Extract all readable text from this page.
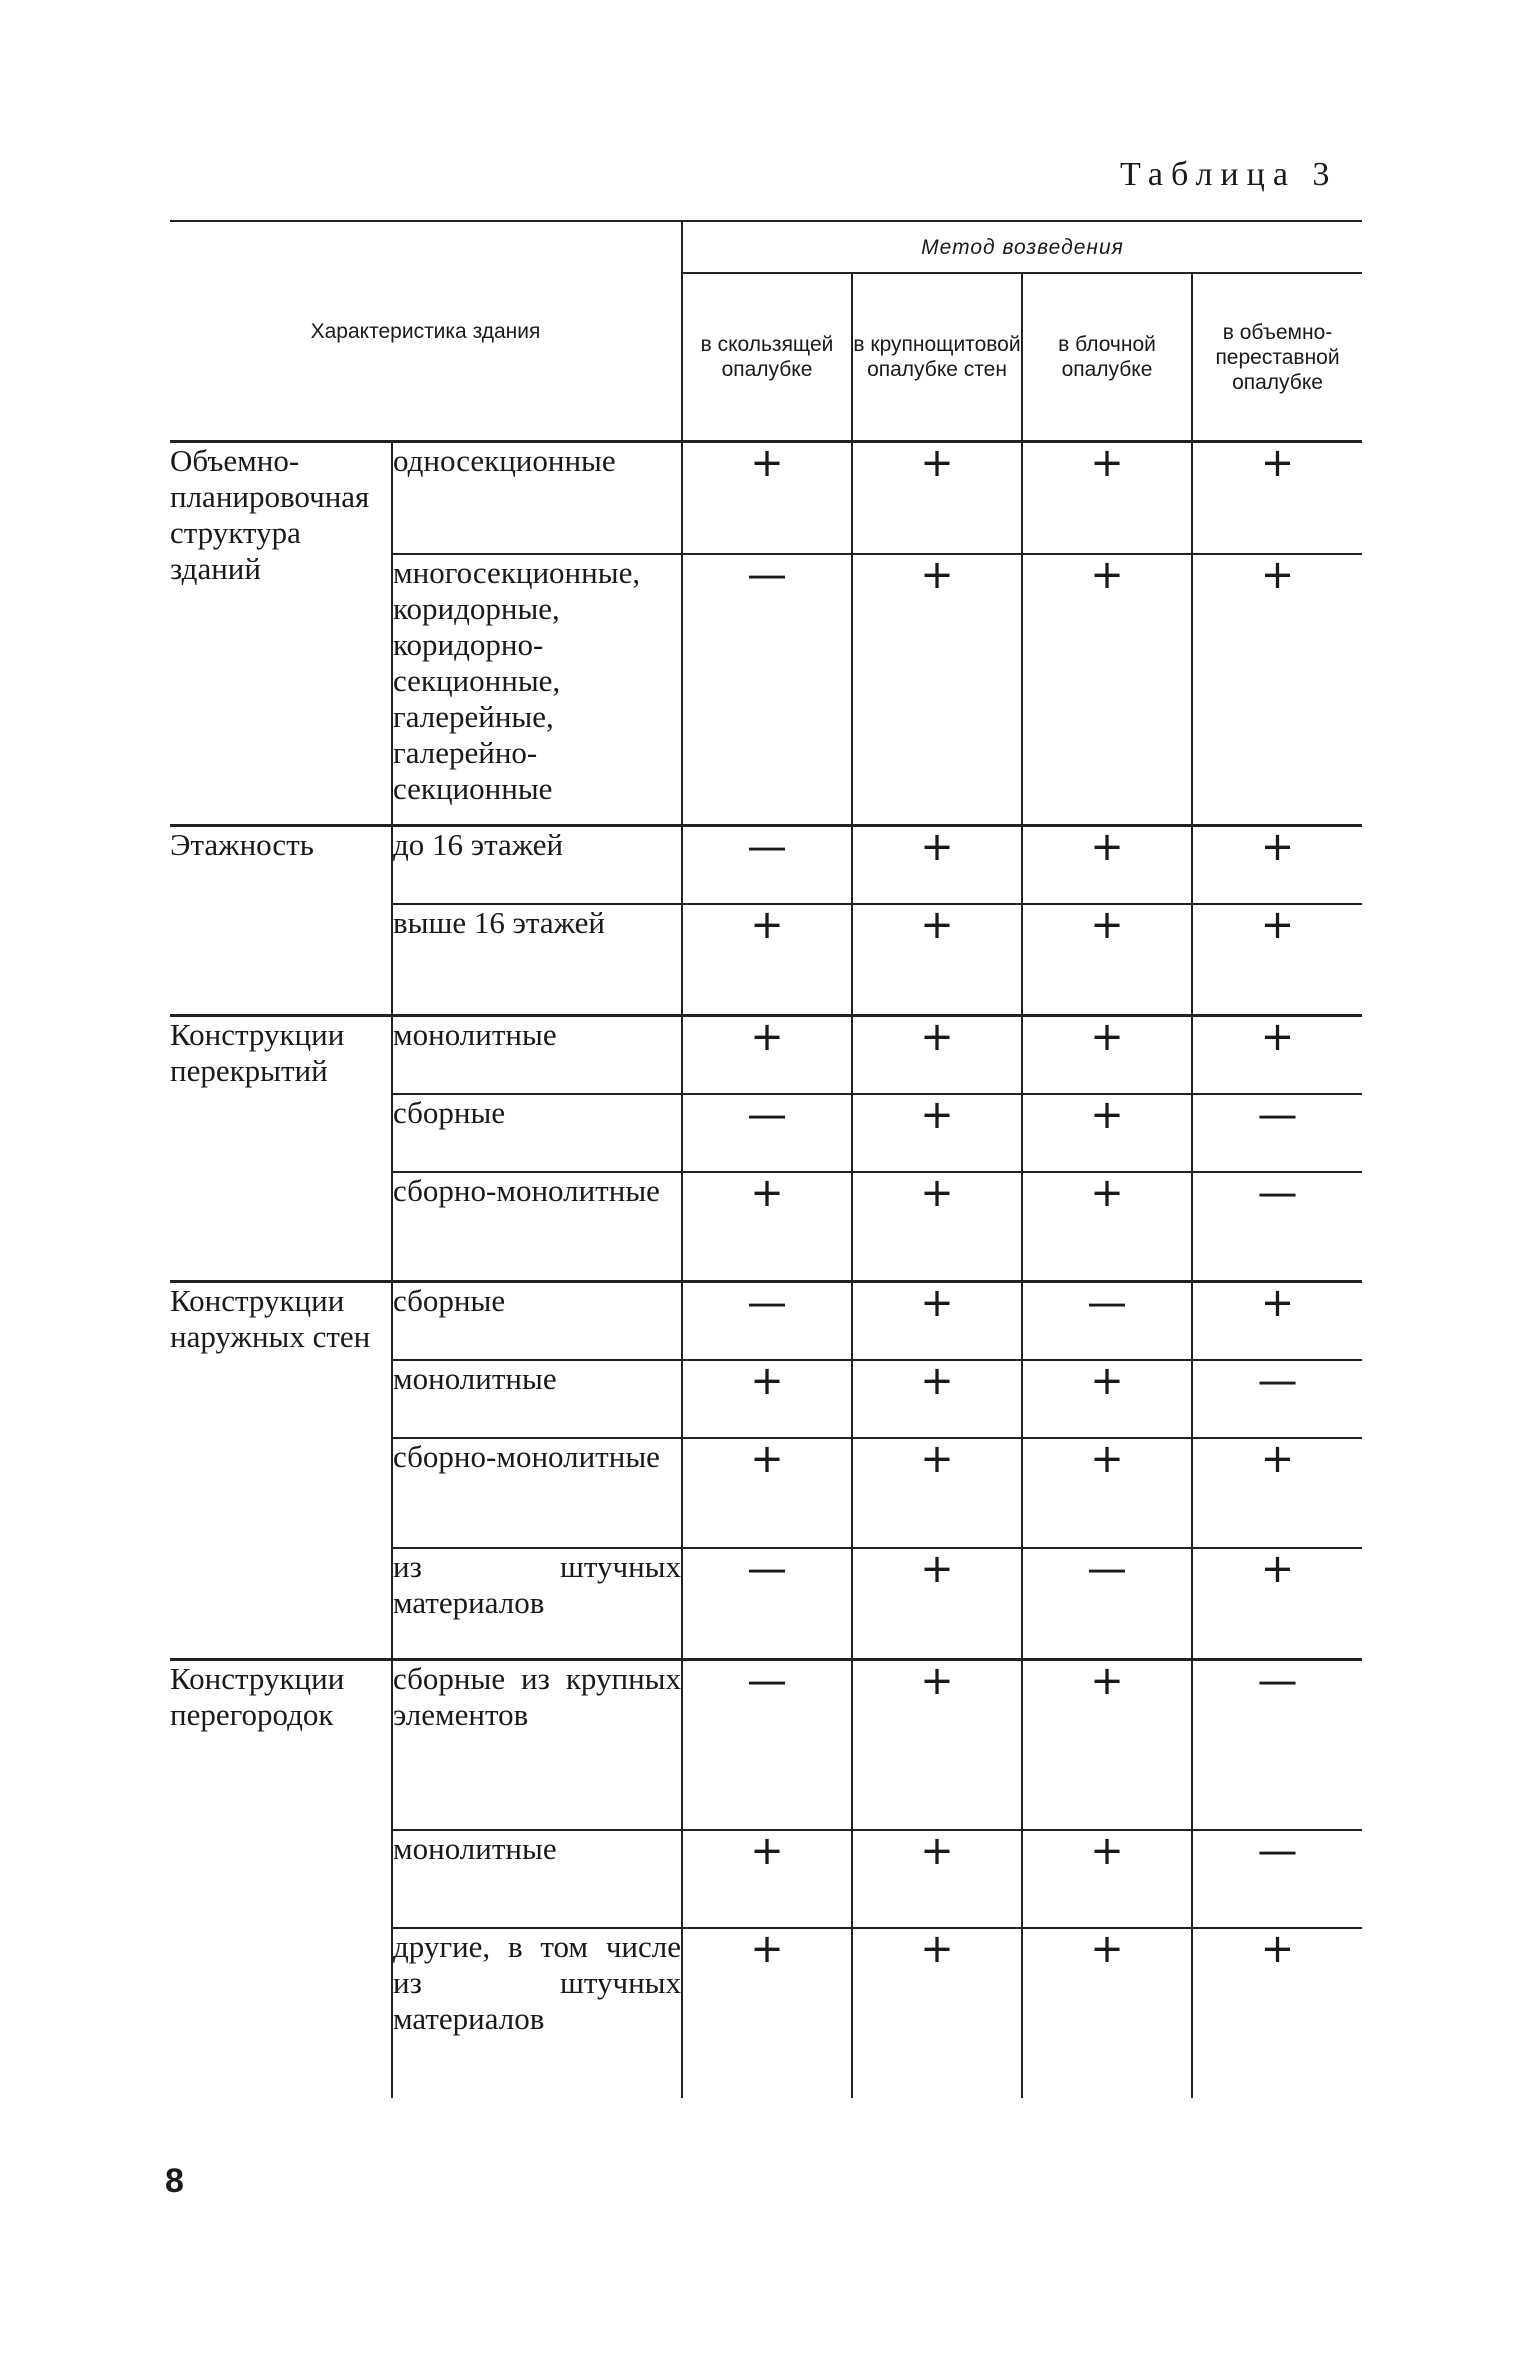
Таблица 3
Характеристика здания		Метод возведения			
		в скользящей опалубке	в крупнощитовой опалубке стен	в блочной опалубке	в объемно-переставной опалубке
Объемно-планировочная структура зданий	односекционные	+	+	+	+
	многосекционные, коридорные, коридорно-секционные, галерейные, галерейно-секционные	—	+	+	+
Этажность	до 16 этажей	—	+	+	+
	выше 16 этажей	+	+	+	+
Конструкции перекрытий	монолитные	+	+	+	+
	сборные	—	+	+	—
	сборно-монолитные	+	+	+	—
Конструкции наружных стен	сборные	—	+	—	+
	монолитные	+	+	+	—
	сборно-монолитные	+	+	+	+
	из штучных материалов	—	+	—	+
Конструкции перегородок	сборные из крупных элементов	—	+	+	—
	монолитные	+	+	+	—
	другие, в том числе из штучных материалов	+	+	+	+
8
